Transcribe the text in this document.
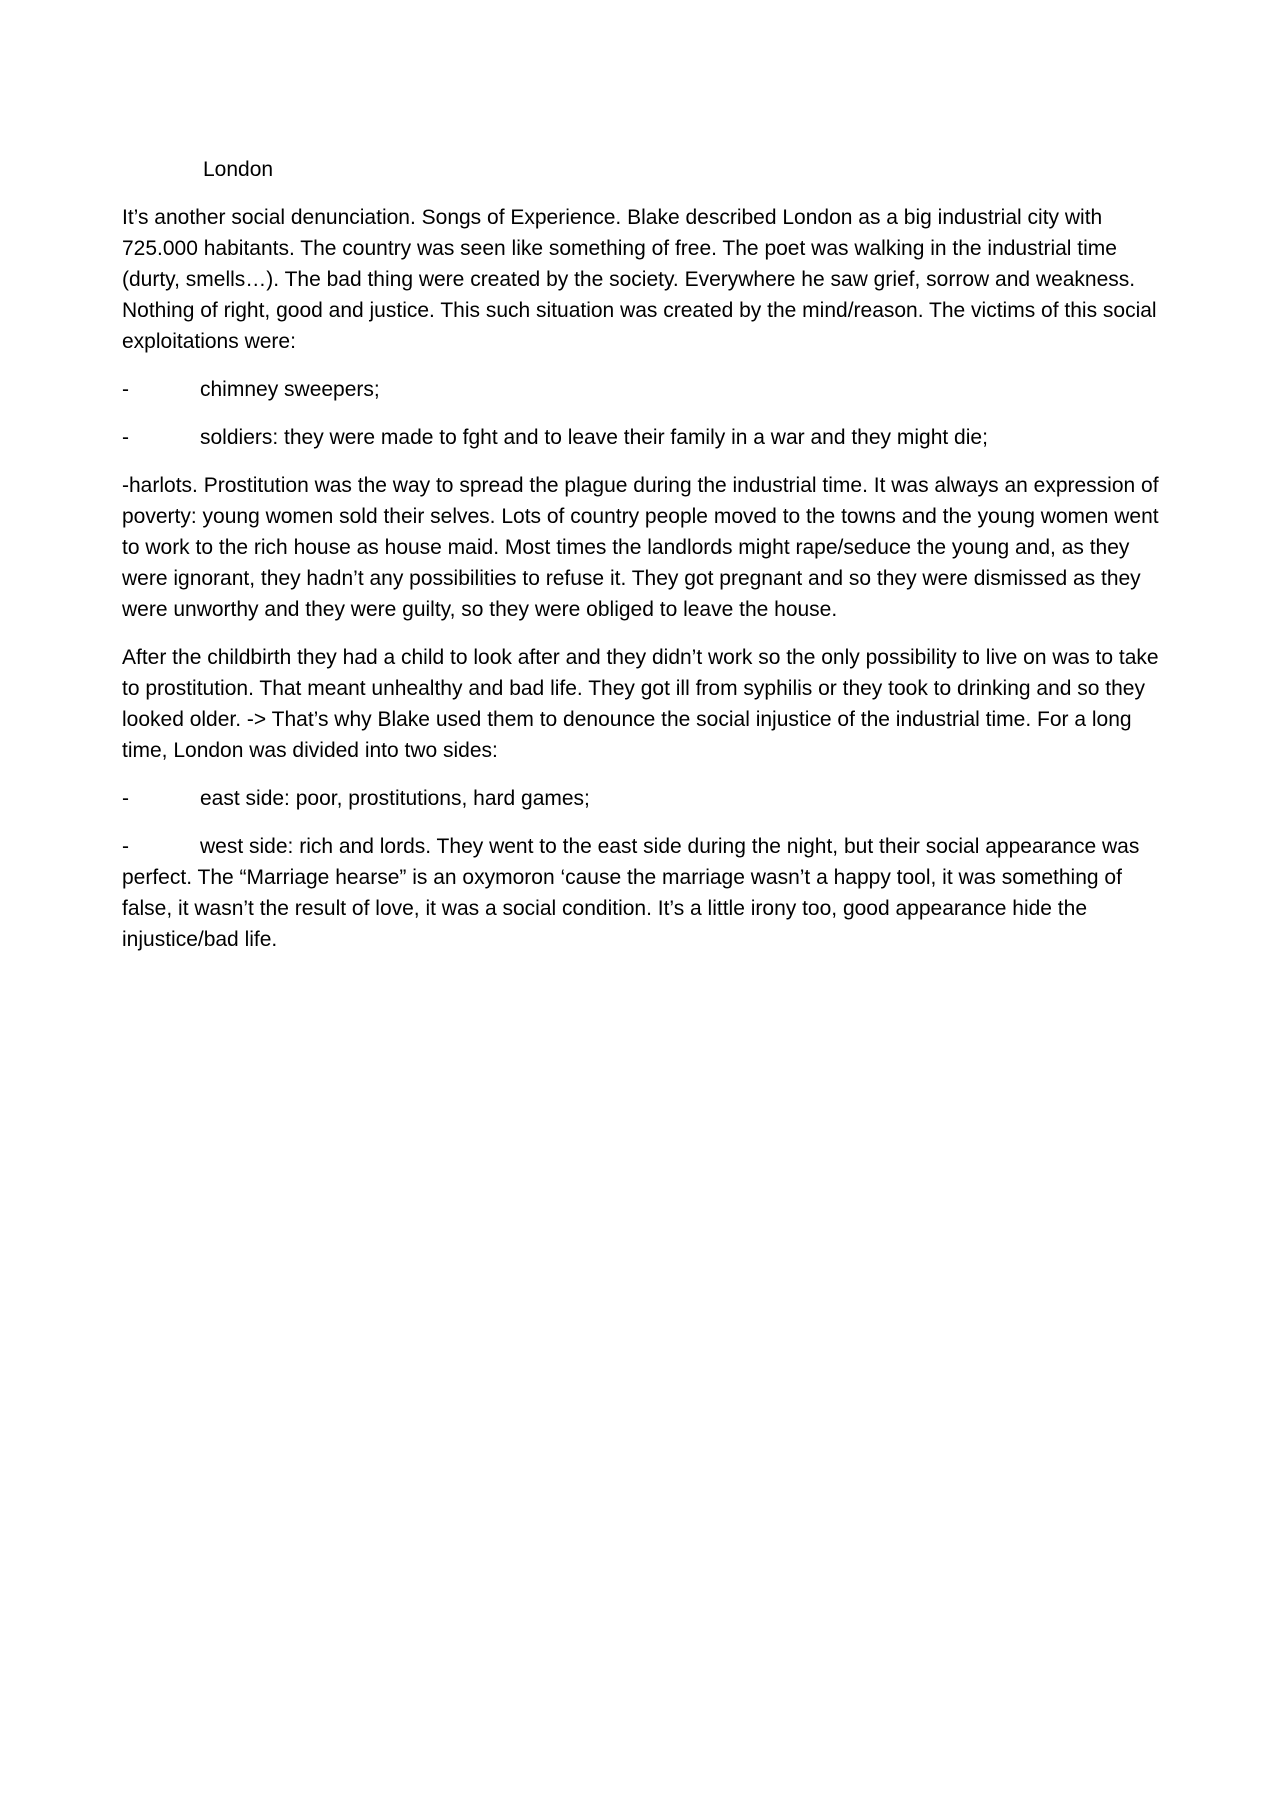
London

It’s another social denunciation. Songs of Experience. Blake described London as a big industrial city with 725.000 habitants. The country was seen like something of free. The poet was walking in the industrial time (durty, smells…). The bad thing were created by the society. Everywhere he saw grief, sorrow and weakness. Nothing of right, good and justice. This such situation was created by the mind/reason. The victims of this social exploitations were:

-	chimney sweepers;
-	soldiers: they were made to fght and to leave their family in a war and they might die;

-harlots. Prostitution was the way to spread the plague during the industrial time. It was always an expression of poverty: young women sold their selves. Lots of country people moved to the towns and the young women went to work to the rich house as house maid. Most times the landlords might rape/seduce the young and, as they were ignorant, they hadn’t any possibilities to refuse it. They got pregnant and so they were dismissed as they were unworthy and they were guilty, so they were obliged to leave the house.

After the childbirth they had a child to look after and they didn’t work so the only possibility to live on was to take to prostitution. That meant unhealthy and bad life. They got ill from syphilis or they took to drinking and so they looked older. -> That’s why Blake used them to denounce the social injustice of the industrial time. For a long time, London was divided into two sides:

-	east side: poor, prostitutions, hard games;
-	west side: rich and lords. They went to the east side during the night, but their social appearance was perfect. The “Marriage hearse” is an oxymoron ‘cause the marriage wasn’t a happy tool, it was something of false, it wasn’t the result of love, it was a social condition. It’s a little irony too, good appearance hide the injustice/bad life.
